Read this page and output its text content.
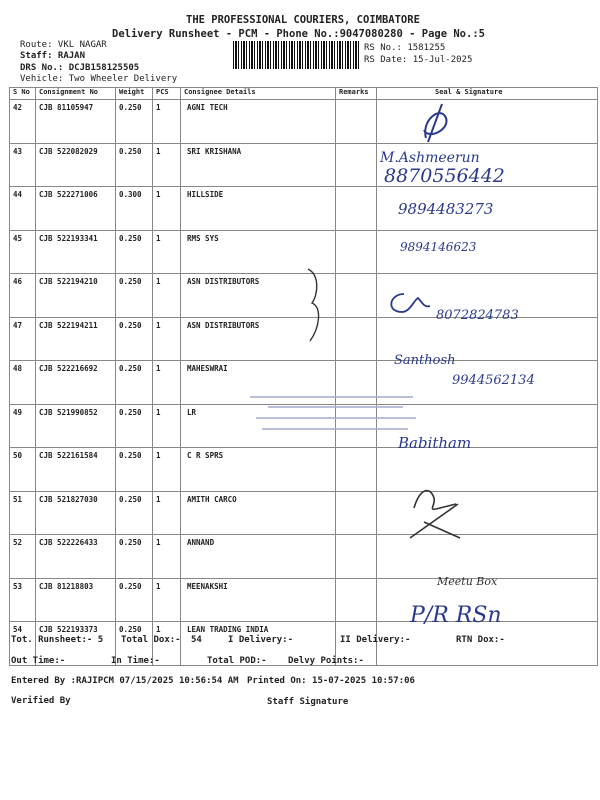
THE PROFESSIONAL COURIERS, COIMBATORE
Delivery Runsheet - PCM - Phone No.:9047080280 - Page No.:5
Route: VKL NAGAR
Staff: RAJAN
DRS No.: DCJB158125505
Vehicle: Two Wheeler Delivery
RS No.: 1581255
RS Date: 15-Jul-2025
S No	Consignment No	Weight	PCS	Consignee Details	Remarks	Seal & Signature
42	CJB 81105947	0.250	1	AGNI TECH		
43	CJB 522082029	0.250	1	SRI KRISHANA		
44	CJB 522271006	0.300	1	HILLSIDE		
45	CJB 522193341	0.250	1	RMS SYS		
46	CJB 522194210	0.250	1	ASN DISTRIBUTORS		
47	CJB 522194211	0.250	1	ASN DISTRIBUTORS		
48	CJB 522216692	0.250	1	MAHESWRAI		
49	CJB 521990852	0.250	1	LR		
50	CJB 522161584	0.250	1	C R SPRS		
51	CJB 521827030	0.250	1	AMITH CARCO		
52	CJB 522226433	0.250	1	ANNAND		
53	CJB 81218803	0.250	1	MEENAKSHI		
54	CJB 522193373	0.250	1	LEAN TRADING INDIA		
M.Ashmeerun
8870556442
9894483273
9894146623
8072824783
Santhosh
9944562134
Babitham
Meetu Box
P/R RSn
Tot. Runsheet:- 5 Total Dox:- 54	I Delivery:-	II Delivery:-	RTN Dox:-
Out Time:-	In Time:-	Total POD:- Delvy Points:-
Entered By :RAJIPCM 07/15/2025 10:56:54 AM Printed On: 15-07-2025 10:57:06
Verified By	Staff Signature
